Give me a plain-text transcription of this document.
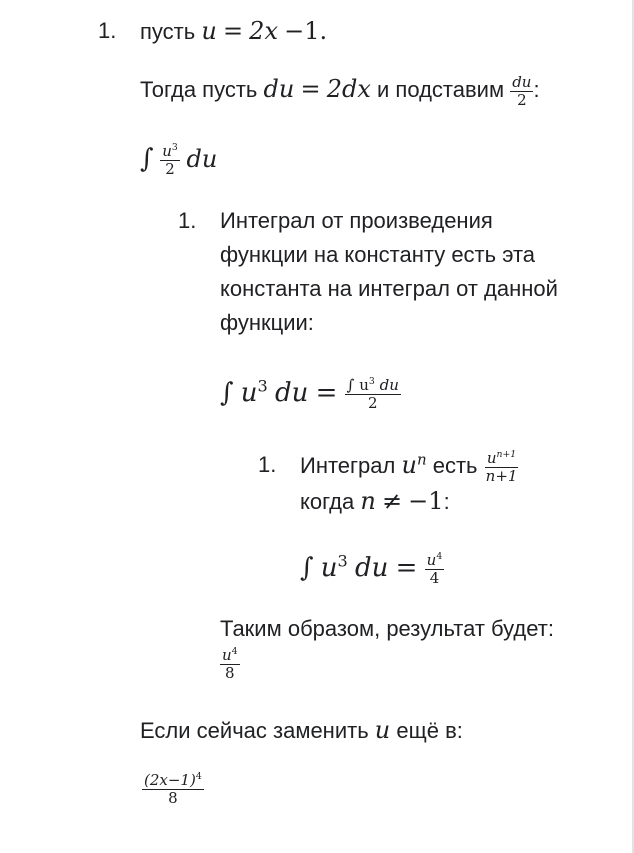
1. пусть u = 2x −1.
Тогда пусть du = 2dx и подставим $\frac{du}{2}$ :
∫ $\frac{u^3}{2}$ du
1. Интеграл от произведения
функции на константу есть эта
константа на интеграл от данной
функции:
∫ $u^3$ du = $\frac{\int u^3 du}{2}$
1. Интеграл $u^n$ есть $\frac{u^{n+1}}{n+1}$
когда n ≠ −1:
∫ $u^3$ du = $\frac{u^4}{4}$
Таким образом, результат будет:
$\frac{u^4}{8}$
Если сейчас заменить u ещё в:
$\frac{(2x-1)^4}{8}$
